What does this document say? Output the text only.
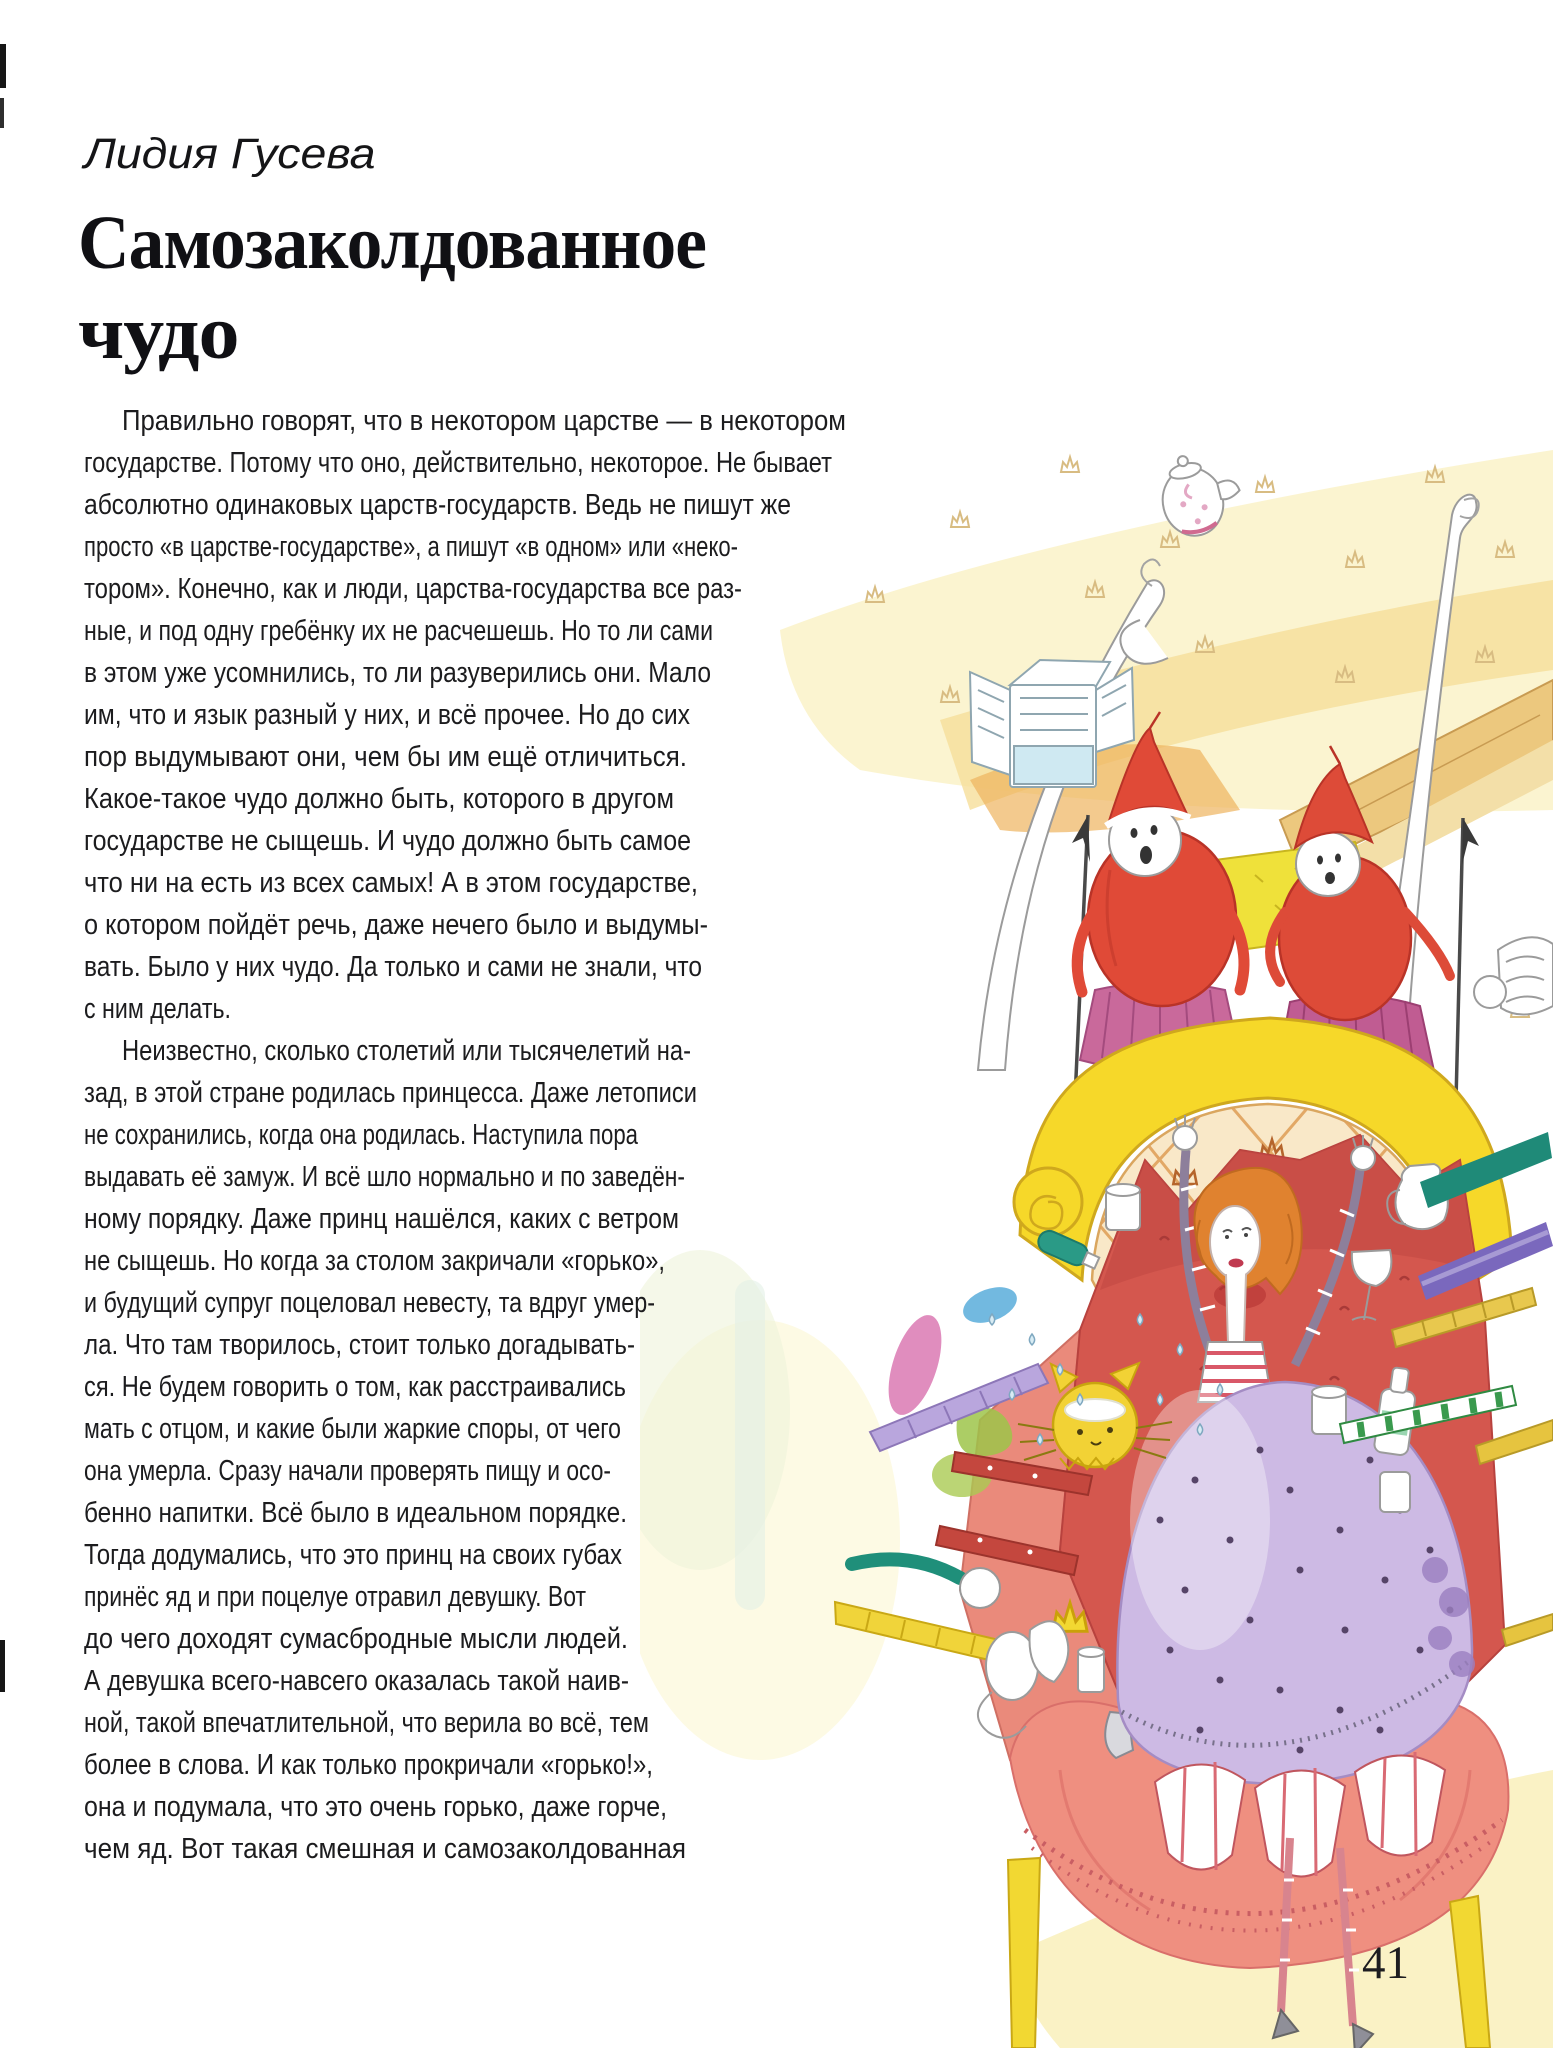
Лидия Гусева
Самозаколдованное
чудо
Правильно говорят, что в некотором царстве — в некотором
государстве. Потому что оно, действительно, некоторое. Не бывает
абсолютно одинаковых царств-государств. Ведь не пишут же
просто «в царстве-государстве», а пишут «в одном» или «неко-
тором». Конечно, как и люди, царства-государства все раз-
ные, и под одну гребёнку их не расчешешь. Но то ли сами
в этом уже усомнились, то ли разуверились они. Мало
им, что и язык разный у них, и всё прочее. Но до сих
пор выдумывают они, чем бы им ещё отличиться.
Какое-такое чудо должно быть, которого в другом
государстве не сыщешь. И чудо должно быть самое
что ни на есть из всех самых! А в этом государстве,
о котором пойдёт речь, даже нечего было и выдумы-
вать. Было у них чудо. Да только и сами не знали, что
с ним делать.
Неизвестно, сколько столетий или тысячелетий на-
зад, в этой стране родилась принцесса. Даже летописи
не сохранились, когда она родилась. Наступила пора
выдавать её замуж. И всё шло нормально и по заведён-
ному порядку. Даже принц нашёлся, каких с ветром
не сыщешь. Но когда за столом закричали «горько»,
и будущий супруг поцеловал невесту, та вдруг умер-
ла. Что там творилось, стоит только догадывать-
ся. Не будем говорить о том, как расстраивались
мать с отцом, и какие были жаркие споры, от чего
она умерла. Сразу начали проверять пищу и осо-
бенно напитки. Всё было в идеальном порядке.
Тогда додумались, что это принц на своих губах
принёс яд и при поцелуе отравил девушку. Вот
до чего доходят сумасбродные мысли людей.
А девушка всего-навсего оказалась такой наив-
ной, такой впечатлительной, что верила во всё, тем
более в слова. И как только прокричали «горько!»,
она и подумала, что это очень горько, даже горче,
чем яд. Вот такая смешная и самозаколдованная
41
